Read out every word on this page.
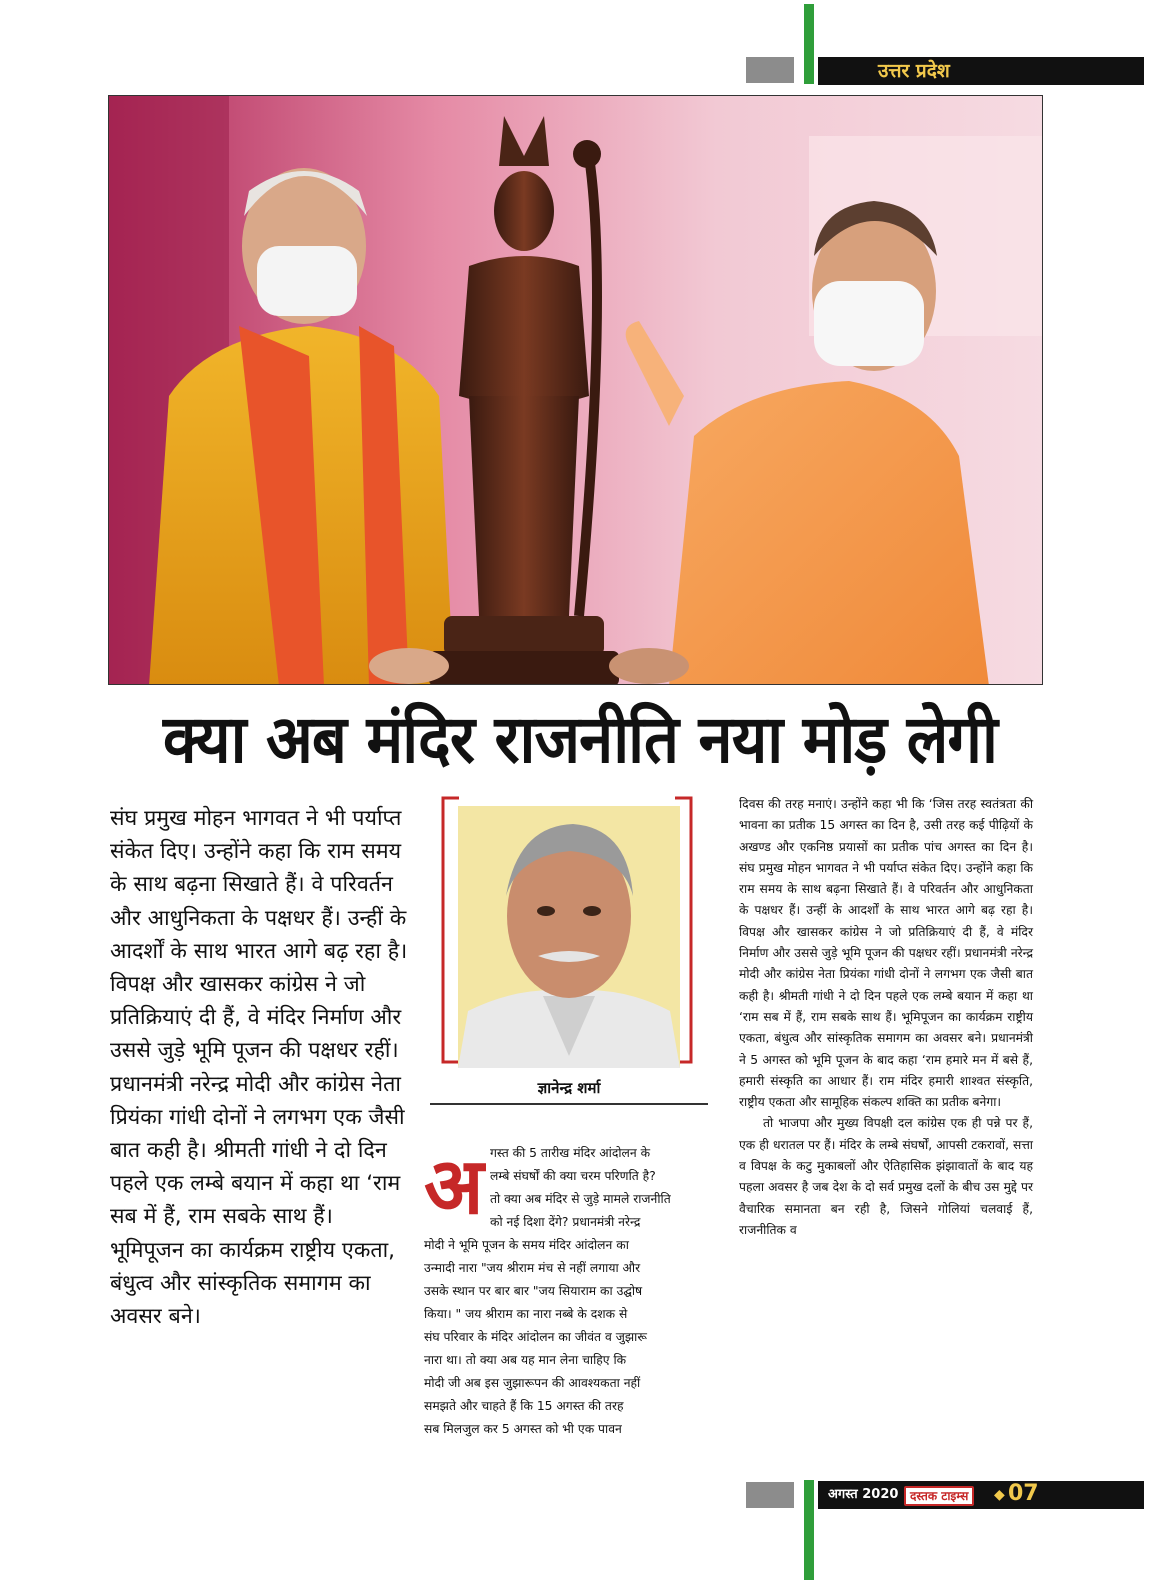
उत्तर प्रदेश
क्या अब मंदिर राजनीति नया मोड़ लेगी
संघ प्रमुख मोहन भागवत ने भी पर्याप्त संकेत दिए। उन्होंने कहा कि राम समय के साथ बढ़ना सिखाते हैं। वे परिवर्तन और आधुनिकता के पक्षधर हैं। उन्हीं के आदर्शों के साथ भारत आगे बढ़ रहा है। विपक्ष और खासकर कांग्रेस ने जो प्रतिक्रियाएं दी हैं, वे मंदिर निर्माण और उससे जुड़े भूमि पूजन की पक्षधर रहीं। प्रधानमंत्री नरेन्द्र मोदी और कांग्रेस नेता प्रियंका गांधी दोनों ने लगभग एक जैसी बात कही है। श्रीमती गांधी ने दो दिन पहले एक लम्बे बयान में कहा था ‘राम सब में हैं, राम सबके साथ हैं। भूमिपूजन का कार्यक्रम राष्ट्रीय एकता, बंधुत्व और सांस्कृतिक समागम का अवसर बने।
ज्ञानेन्द्र शर्मा
अ गस्त की 5 तारीख मंदिर आंदोलन के
लम्बे संघर्षों की क्या चरम परिणति है?
तो क्या अब मंदिर से जुड़े मामले राजनीति
को नई दिशा देंगे? प्रधानमंत्री नरेन्द्र
मोदी ने भूमि पूजन के समय मंदिर आंदोलन का
उन्मादी नारा "जय श्रीराम मंच से नहीं लगाया और
उसके स्थान पर बार बार "जय सियाराम का उद्घोष
किया। " जय श्रीराम का नारा नब्बे के दशक से
संघ परिवार के मंदिर आंदोलन का जीवंत व जुझारू
नारा था। तो क्या अब यह मान लेना चाहिए कि
मोदी जी अब इस जुझारूपन की आवश्यकता नहीं
समझते और चाहते हैं कि 15 अगस्त की तरह
सब मिलजुल कर 5 अगस्त को भी एक पावन

दिवस की तरह मनाएं। उन्होंने कहा भी कि ‘जिस तरह स्वतंत्रता की भावना का प्रतीक 15 अगस्त का दिन है, उसी तरह कई पीढ़ियों के अखण्ड और एकनिष्ठ प्रयासों का प्रतीक पांच अगस्त का दिन है। संघ प्रमुख मोहन भागवत ने भी पर्याप्त संकेत दिए। उन्होंने कहा कि राम समय के साथ बढ़ना सिखाते हैं। वे परिवर्तन और आधुनिकता के पक्षधर हैं। उन्हीं के आदर्शों के साथ भारत आगे बढ़ रहा है। विपक्ष और खासकर कांग्रेस ने जो प्रतिक्रियाएं दी हैं, वे मंदिर निर्माण और उससे जुड़े भूमि पूजन की पक्षधर रहीं। प्रधानमंत्री नरेन्द्र मोदी और कांग्रेस नेता प्रियंका गांधी दोनों ने लगभग एक जैसी बात कही है। श्रीमती गांधी ने दो दिन पहले एक लम्बे बयान में कहा था ‘राम सब में हैं, राम सबके साथ हैं। भूमिपूजन का कार्यक्रम राष्ट्रीय एकता, बंधुत्व और सांस्कृतिक समागम का अवसर बने। प्रधानमंत्री ने 5 अगस्त को भूमि पूजन के बाद कहा ‘राम हमारे मन में बसे हैं, हमारी संस्कृति का आधार हैं। राम मंदिर हमारी शाश्वत संस्कृति, राष्ट्रीय एकता और सामूहिक संकल्प शक्ति का प्रतीक बनेगा।

तो भाजपा और मुख्य विपक्षी दल कांग्रेस एक ही पन्ने पर हैं, एक ही धरातल पर हैं। मंदिर के लम्बे संघर्षों, आपसी टकरावों, सत्ता व विपक्ष के कटु मुकाबलों और ऐतिहासिक झंझावातों के बाद यह पहला अवसर है जब देश के दो सर्व प्रमुख दलों के बीच उस मुद्दे पर वैचारिक समानता बन रही है, जिसने गोलियां चलवाई हैं, राजनीतिक व

अगस्त 2020 दस्तक टाइम्स	◆ 07
